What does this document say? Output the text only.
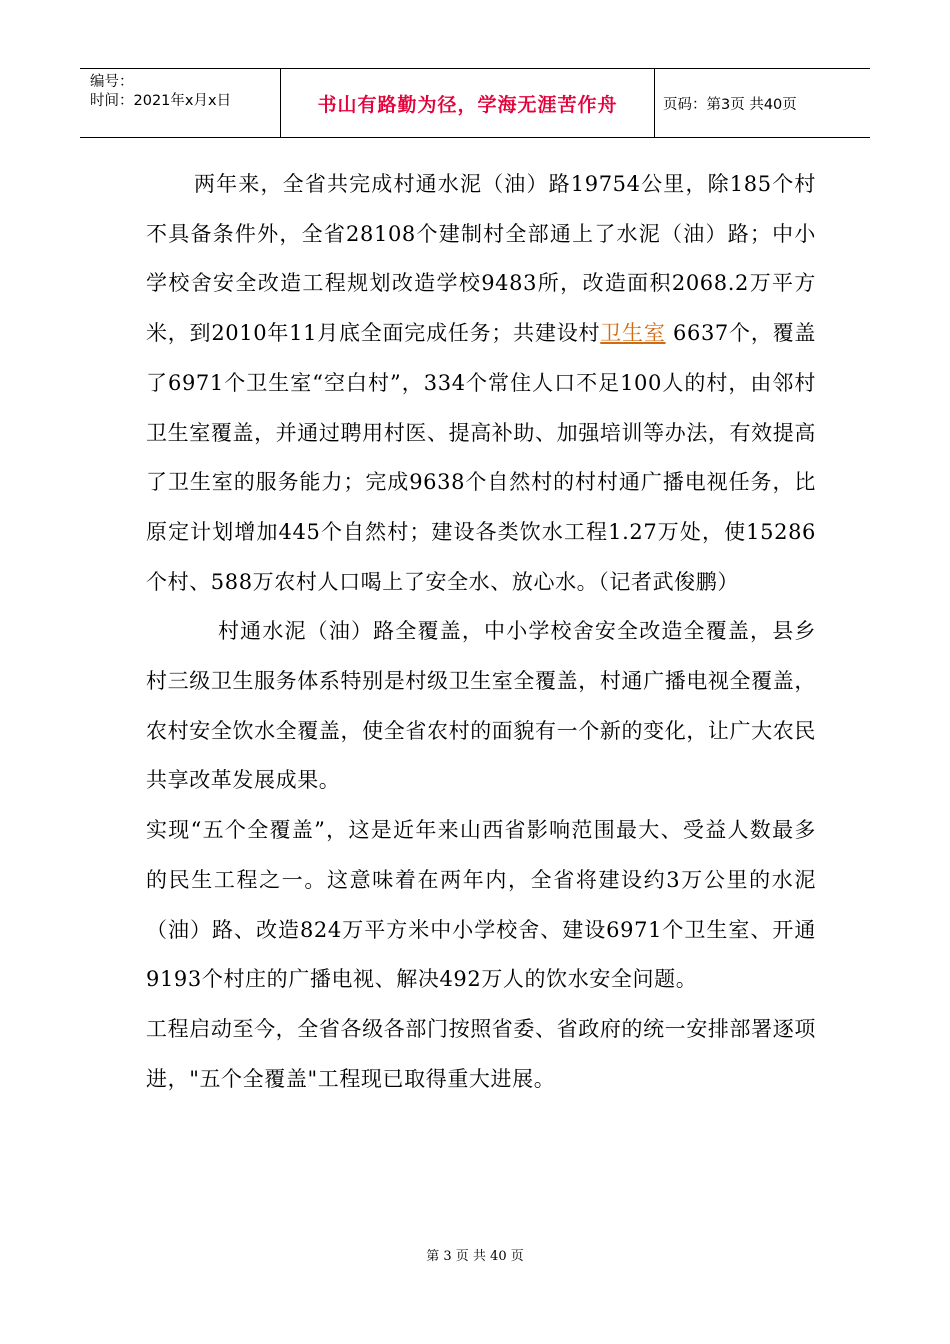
编号：
时间：2021年x月x日	书山有路勤为径，学海无涯苦作舟	页码：第3页 共40页

两年来，全省共完成村通水泥（油）路19754公里，除185个村不具备条件外，全省28108个建制村全部通上了水泥（油）路；中小学校舍安全改造工程规划改造学校9483所，改造面积2068.2万平方米，到2010年11月底全面完成任务；共建设村卫生室 6637个，覆盖了6971个卫生室“空白村”，334个常住人口不足100人的村，由邻村卫生室覆盖，并通过聘用村医、提高补助、加强培训等办法，有效提高了卫生室的服务能力；完成9638个自然村的村村通广播电视任务，比原定计划增加445个自然村；建设各类饮水工程1.27万处，使15286个村、588万农村人口喝上了安全水、放心水。（记者武俊鹏）

村通水泥（油）路全覆盖，中小学校舍安全改造全覆盖，县乡村三级卫生服务体系特别是村级卫生室全覆盖，村通广播电视全覆盖，农村安全饮水全覆盖，使全省农村的面貌有一个新的变化，让广大农民共享改革发展成果。

实现“五个全覆盖”，这是近年来山西省影响范围最大、受益人数最多的民生工程之一。这意味着在两年内，全省将建设约3万公里的水泥（油）路、改造824万平方米中小学校舍、建设6971个卫生室、开通9193个村庄的广播电视、解决492万人的饮水安全问题。

工程启动至今，全省各级各部门按照省委、省政府的统一安排部署逐项进，"五个全覆盖"工程现已取得重大进展。

第 3 页 共 40 页
